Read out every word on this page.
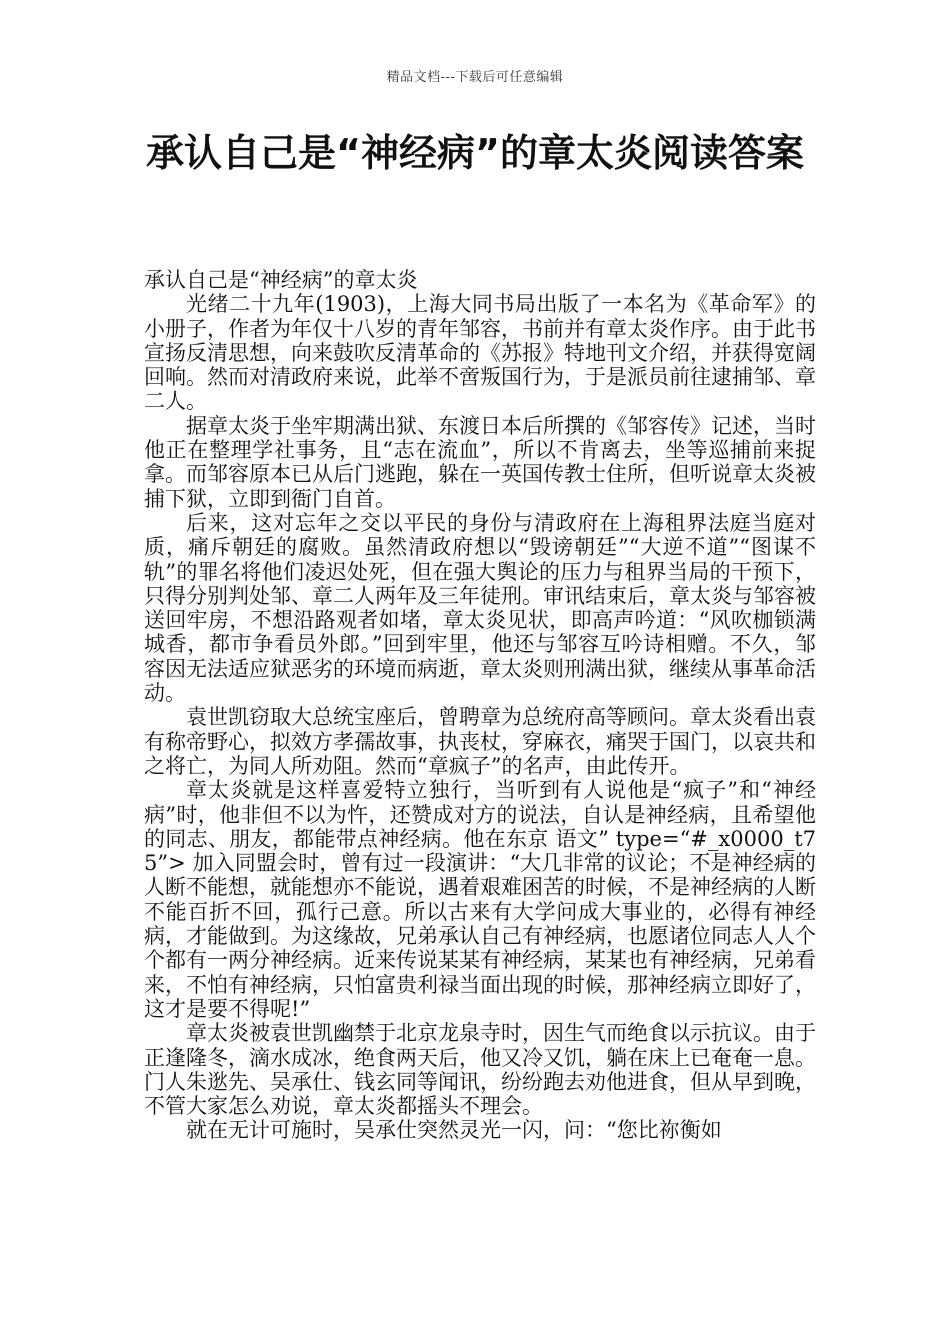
精品文档---下载后可任意编辑
承认自己是“神经病”的章太炎阅读答案

承认自己是“神经病”的章太炎

光绪二十九年(1903)，上海大同书局出版了一本名为《革命军》的小册子，作者为年仅十八岁的青年邹容，书前并有章太炎作序。由于此书宣扬反清思想，向来鼓吹反清革命的《苏报》特地刊文介绍，并获得宽阔回响。然而对清政府来说，此举不啻叛国行为，于是派员前往逮捕邹、章二人。

据章太炎于坐牢期满出狱、东渡日本后所撰的《邹容传》记述，当时他正在整理学社事务，且“志在流血”，所以不肯离去，坐等巡捕前来捉拿。而邹容原本已从后门逃跑，躲在一英国传教士住所，但听说章太炎被捕下狱，立即到衙门自首。

后来，这对忘年之交以平民的身份与清政府在上海租界法庭当庭对质，痛斥朝廷的腐败。虽然清政府想以“毁谤朝廷”“大逆不道”“图谋不轨”的罪名将他们凌迟处死，但在强大舆论的压力与租界当局的干预下，只得分别判处邹、章二人两年及三年徒刑。审讯结束后，章太炎与邹容被送回牢房，不想沿路观者如堵，章太炎见状，即高声吟道：“风吹枷锁满城香，都市争看员外郎。”回到牢里，他还与邹容互吟诗相赠。不久，邹容因无法适应狱恶劣的环境而病逝，章太炎则刑满出狱，继续从事革命活动。

袁世凯窃取大总统宝座后，曾聘章为总统府高等顾问。章太炎看出袁有称帝野心，拟效方孝孺故事，执丧杖，穿麻衣，痛哭于国门，以哀共和之将亡，为同人所劝阻。然而“章疯子”的名声，由此传开。

章太炎就是这样喜爱特立独行，当听到有人说他是“疯子”和“神经病”时，他非但不以为忤，还赞成对方的说法，自认是神经病，且希望他的同志、朋友，都能带点神经病。他在东京 语文” type=“#_x0000_t75”> 加入同盟会时，曾有过一段演讲：“大几非常的议论；不是神经病的人断不能想，就能想亦不能说，遇着艰难困苦的时候，不是神经病的人断不能百折不回，孤行己意。所以古来有大学问成大事业的，必得有神经病，才能做到。为这缘故，兄弟承认自己有神经病，也愿诸位同志人人个个都有一两分神经病。近来传说某某有神经病，某某也有神经病，兄弟看来，不怕有神经病，只怕富贵利禄当面出现的时候，那神经病立即好了，这才是要不得呢!”

章太炎被袁世凯幽禁于北京龙泉寺时，因生气而绝食以示抗议。由于正逢隆冬，滴水成冰，绝食两天后，他又冷又饥，躺在床上已奄奄一息。门人朱逖先、吴承仕、钱玄同等闻讯，纷纷跑去劝他进食，但从早到晚，不管大家怎么劝说，章太炎都摇头不理会。

就在无计可施时，吴承仕突然灵光一闪，问：“您比祢衡如
